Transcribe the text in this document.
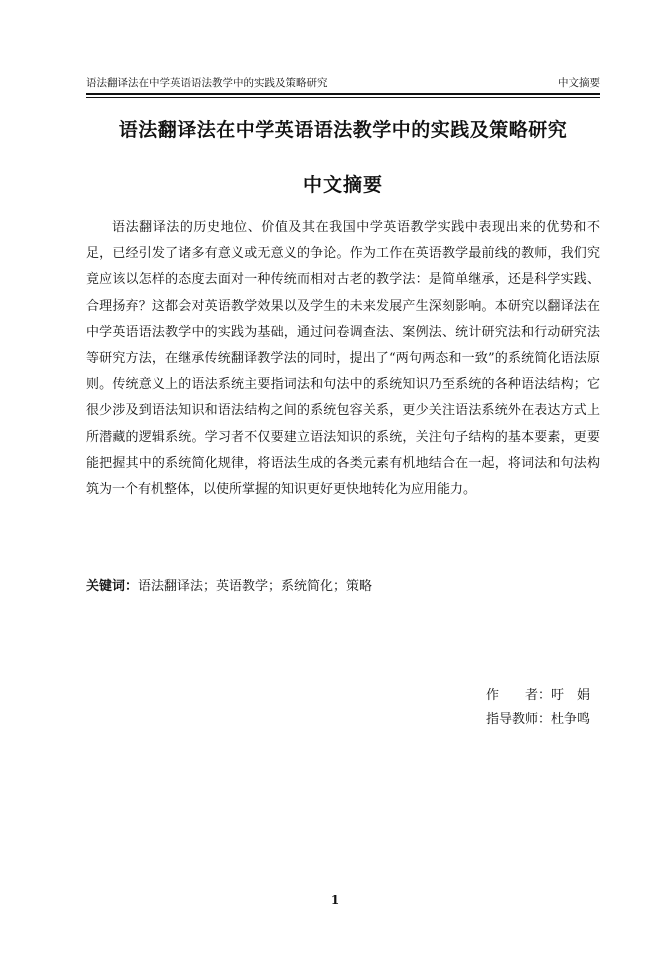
语法翻译法在中学英语语法教学中的实践及策略研究	中文摘要
语法翻译法在中学英语语法教学中的实践及策略研究
中文摘要

语法翻译法的历史地位、价值及其在我国中学英语教学实践中表现出来的优势和不足，已经引发了诸多有意义或无意义的争论。作为工作在英语教学最前线的教师，我们究竟应该以怎样的态度去面对一种传统而相对古老的教学法：是简单继承，还是科学实践、合理扬弃？这都会对英语教学效果以及学生的未来发展产生深刻影响。本研究以翻译法在中学英语语法教学中的实践为基础，通过问卷调查法、案例法、统计研究法和行动研究法等研究方法，在继承传统翻译教学法的同时，提出了“两句两态和一致”的系统简化语法原则。传统意义上的语法系统主要指词法和句法中的系统知识乃至系统的各种语法结构；它很少涉及到语法知识和语法结构之间的系统包容关系，更少关注语法系统外在表达方式上所潜藏的逻辑系统。学习者不仅要建立语法知识的系统，关注句子结构的基本要素，更要能把握其中的系统简化规律，将语法生成的各类元素有机地结合在一起，将词法和句法构筑为一个有机整体，以使所掌握的知识更好更快地转化为应用能力。

关键词：语法翻译法；英语教学；系统简化；策略
作　　者：吁　娟
指导教师：杜争鸣
1
